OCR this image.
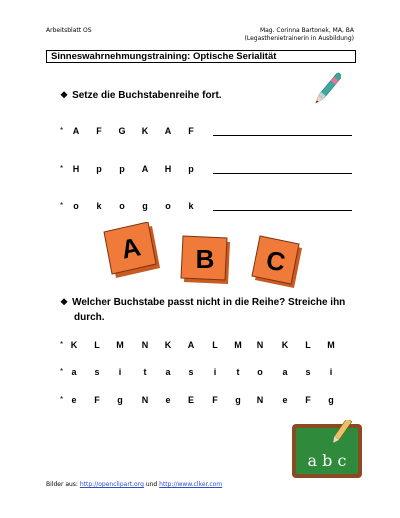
Arbeitsblatt OS	Mag. Corinna Bartonek, MA, BA
(Legasthenietrainerin in Ausbildung)
Sinneswahrnehmungstraining: Optische Serialität
❖ Setze die Buchstabenreihe fort.
*	A	F	G	K	A	F
*	H	p	p	A	H	p
*	o	k	o	g	o	k
A B C
❖ Welcher Buchstabe passt nicht in die Reihe? Streiche ihn
durch.
* K	L	M	N	K	A	L	M	N	K	L	M
* a	s	i	t	a	s	i	t	o	a	s	i
* e	F	g	N	e	E	F	g	N	e	F	g
a b c
Bilder aus: http://openclipart.org und http://www.clker.com
